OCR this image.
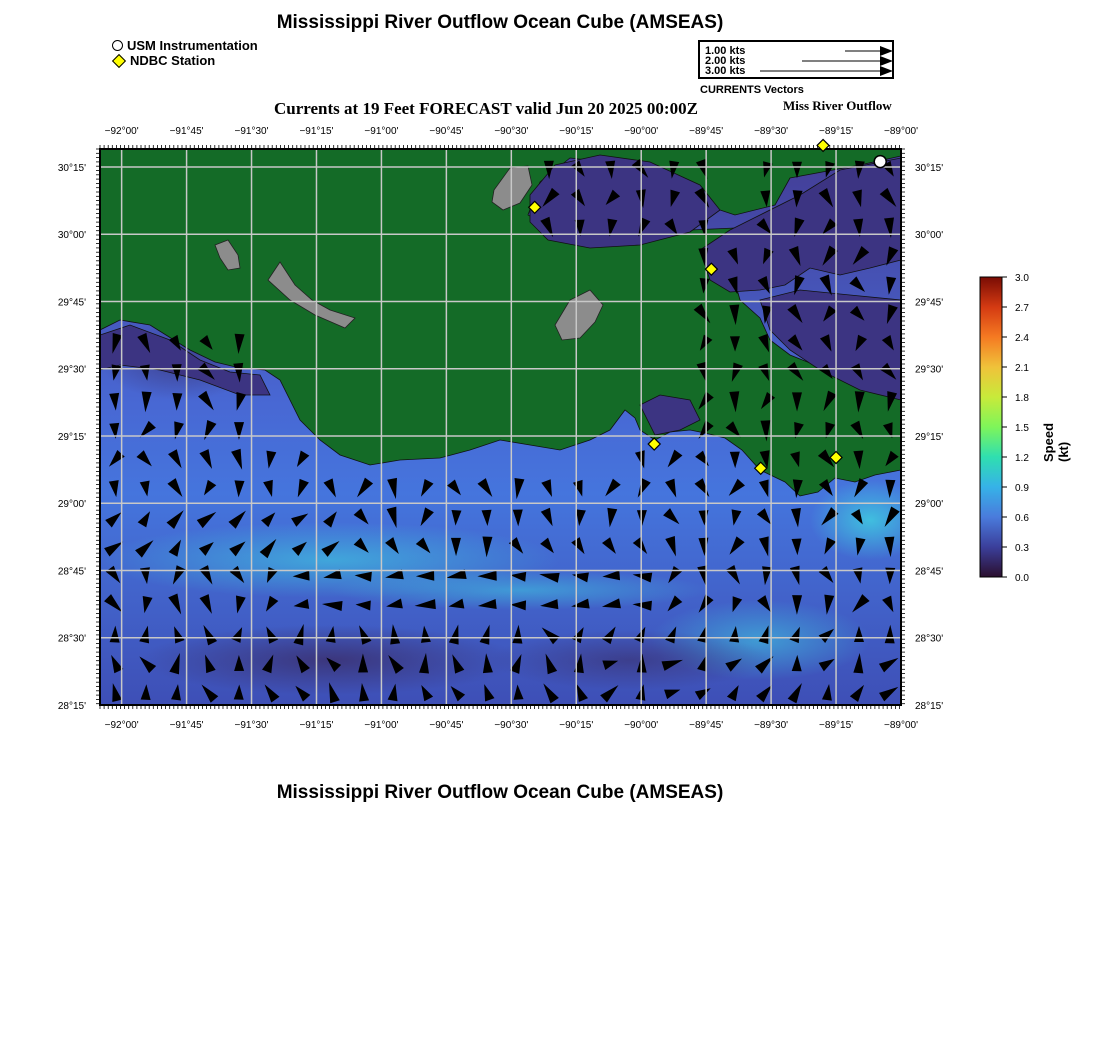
Mississippi River Outflow Ocean Cube (AMSEAS)
USM Instrumentation
NDBC Station
1.00 kts
2.00 kts
3.00 kts
CURRENTS Vectors
Currents at 19 Feet FORECAST valid Jun 20 2025 00:00Z	Miss River Outflow
−92°00'
−92°00'
−91°45'
−91°45'
−91°30'
−91°30'
−91°15'
−91°15'
−91°00'
−91°00'
−90°45'
−90°45'
−90°30'
−90°30'
−90°15'
−90°15'
−90°00'
−90°00'
−89°45'
−89°45'
−89°30'
−89°30'
−89°15'
−89°15'
−89°00'
−89°00'
30°15'	30°15'
30°00'	30°00'
29°45'	29°45'
29°30'	29°30'
29°15'	29°15'
29°00'	29°00'
28°45'	28°45'
28°30'	28°30'
28°15'	28°15'
3.0
2.7
2.4
2.1
1.8
1.5
1.2
0.9
0.6
0.3
0.0
Speed (kt)
Mississippi River Outflow Ocean Cube (AMSEAS)
